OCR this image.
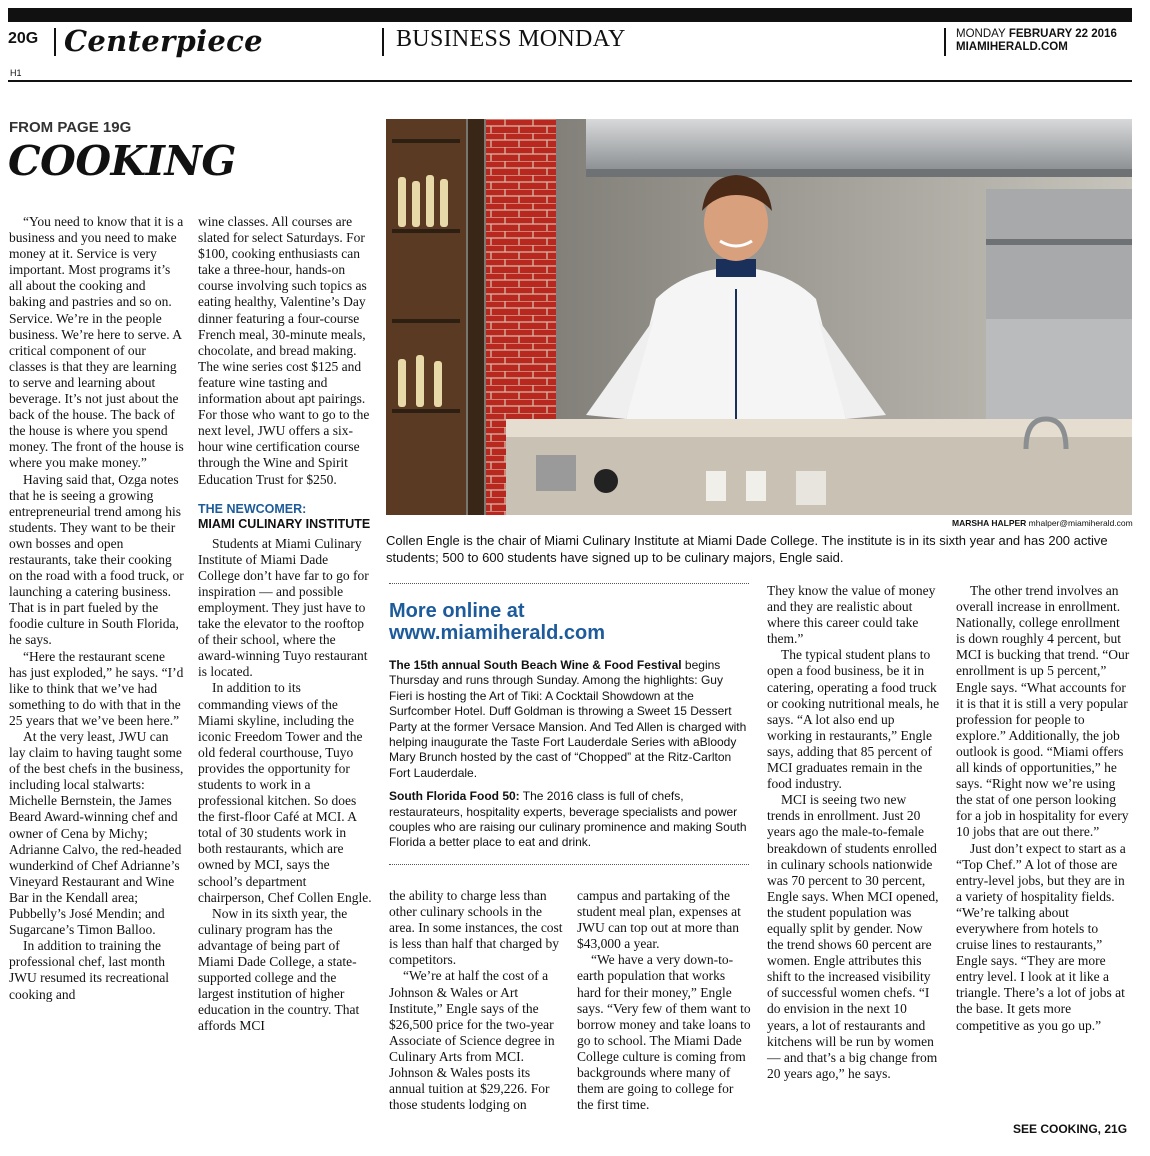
20G Centerpiece	BUSINESS MONDAY	MONDAY FEBRUARY 22 2016
MIAMIHERALD.COM
H1
FROM PAGE 19G
COOKING

“You need to know that it is a business and you need to make money at it. Service is very important. Most programs it’s all about the cooking and baking and pastries and so on. Service. We’re in the people business. We’re here to serve. A critical component of our classes is that they are learning to serve and learning about beverage. It’s not just about the back of the house. The back of the house is where you spend money. The front of the house is where you make money.”

Having said that, Ozga notes that he is seeing a growing entrepreneurial trend among his students. They want to be their own bosses and open restaurants, take their cooking on the road with a food truck, or launching a catering business. That is in part fueled by the foodie culture in South Florida, he says.

“Here the restaurant scene has just exploded,” he says. “I’d like to think that we’ve had something to do with that in the 25 years that we’ve been here.”

At the very least, JWU can lay claim to having taught some of the best chefs in the business, including local stalwarts: Michelle Bernstein, the James Beard Award-winning chef and owner of Cena by Michy; Adrianne Calvo, the red-headed wunderkind of Chef Adrianne’s Vineyard Restaurant and Wine Bar in the Kendall area; Pubbelly’s José Mendin; and Sugarcane’s Timon Balloo.

In addition to training the professional chef, last month JWU resumed its recreational cooking and

wine classes. All courses are slated for select Saturdays. For $100, cooking enthusiasts can take a three-hour, hands-on course involving such topics as eating healthy, Valentine’s Day dinner featuring a four-course French meal, 30-minute meals, chocolate, and bread making. The wine series cost $125 and feature wine tasting and information about apt pairings. For those who want to go to the next level, JWU offers a six-hour wine certification course through the Wine and Spirit Education Trust for $250.

THE NEWCOMER:
MIAMI CULINARY INSTITUTE

Students at Miami Culinary Institute of Miami Dade College don’t have far to go for inspiration — and possible employment. They just have to take the elevator to the rooftop of their school, where the award-winning Tuyo restaurant is located.

In addition to its commanding views of the Miami skyline, including the iconic Freedom Tower and the old federal courthouse, Tuyo provides the opportunity for students to work in a professional kitchen. So does the first-floor Café at MCI. A total of 30 students work in both restaurants, which are owned by MCI, says the school’s department chairperson, Chef Collen Engle.

Now in its sixth year, the culinary program has the advantage of being part of Miami Dade College, a state-supported college and the largest institution of higher education in the country. That affords MCI

MARSHA HALPER mhalper@miamiherald.com
Collen Engle is the chair of Miami Culinary Institute at Miami Dade College. The institute is in its sixth year and has 200 active students; 500 to 600 students have signed up to be culinary majors, Engle said.
More online at
www.miamiherald.com

The 15th annual South Beach Wine & Food Festival begins Thursday and runs through Sunday. Among the highlights: Guy Fieri is hosting the Art of Tiki: A Cocktail Showdown at the Surfcomber Hotel. Duff Goldman is throwing a Sweet 15 Dessert Party at the former Versace Mansion. And Ted Allen is charged with helping inaugurate the Taste Fort Lauderdale Series with aBloody Mary Brunch hosted by the cast of “Chopped” at the Ritz-Carlton Fort Lauderdale.

South Florida Food 50: The 2016 class is full of chefs, restaurateurs, hospitality experts, beverage specialists and power couples who are raising our culinary prominence and making South Florida a better place to eat and drink.

the ability to charge less than other culinary schools in the area. In some instances, the cost is less than half that charged by competitors.

“We’re at half the cost of a Johnson & Wales or Art Institute,” Engle says of the $26,500 price for the two-year Associate of Science degree in Culinary Arts from MCI. Johnson & Wales posts its annual tuition at $29,226. For those students lodging on

campus and partaking of the student meal plan, expenses at JWU can top out at more than $43,000 a year.

“We have a very down-to-earth population that works hard for their money,” Engle says. “Very few of them want to borrow money and take loans to go to school. The Miami Dade College culture is coming from backgrounds where many of them are going to college for the first time.

They know the value of money and they are realistic about where this career could take them.”

The typical student plans to open a food business, be it in catering, operating a food truck or cooking nutritional meals, he says. “A lot also end up working in restaurants,” Engle says, adding that 85 percent of MCI graduates remain in the food industry.

MCI is seeing two new trends in enrollment. Just 20 years ago the male-to-female breakdown of students enrolled in culinary schools nationwide was 70 percent to 30 percent, Engle says. When MCI opened, the student population was equally split by gender. Now the trend shows 60 percent are women. Engle attributes this shift to the increased visibility of successful women chefs. “I do envision in the next 10 years, a lot of restaurants and kitchens will be run by women — and that’s a big change from 20 years ago,” he says.

The other trend involves an overall increase in enrollment. Nationally, college enrollment is down roughly 4 percent, but MCI is bucking that trend. “Our enrollment is up 5 percent,” Engle says. “What accounts for it is that it is still a very popular profession for people to explore.” Additionally, the job outlook is good. “Miami offers all kinds of opportunities,” he says. “Right now we’re using the stat of one person looking for a job in hospitality for every 10 jobs that are out there.”

Just don’t expect to start as a “Top Chef.” A lot of those are entry-level jobs, but they are in a variety of hospitality fields. “We’re talking about everywhere from hotels to cruise lines to restaurants,” Engle says. “They are more entry level. I look at it like a triangle. There’s a lot of jobs at the base. It gets more competitive as you go up.”

SEE COOKING, 21G
